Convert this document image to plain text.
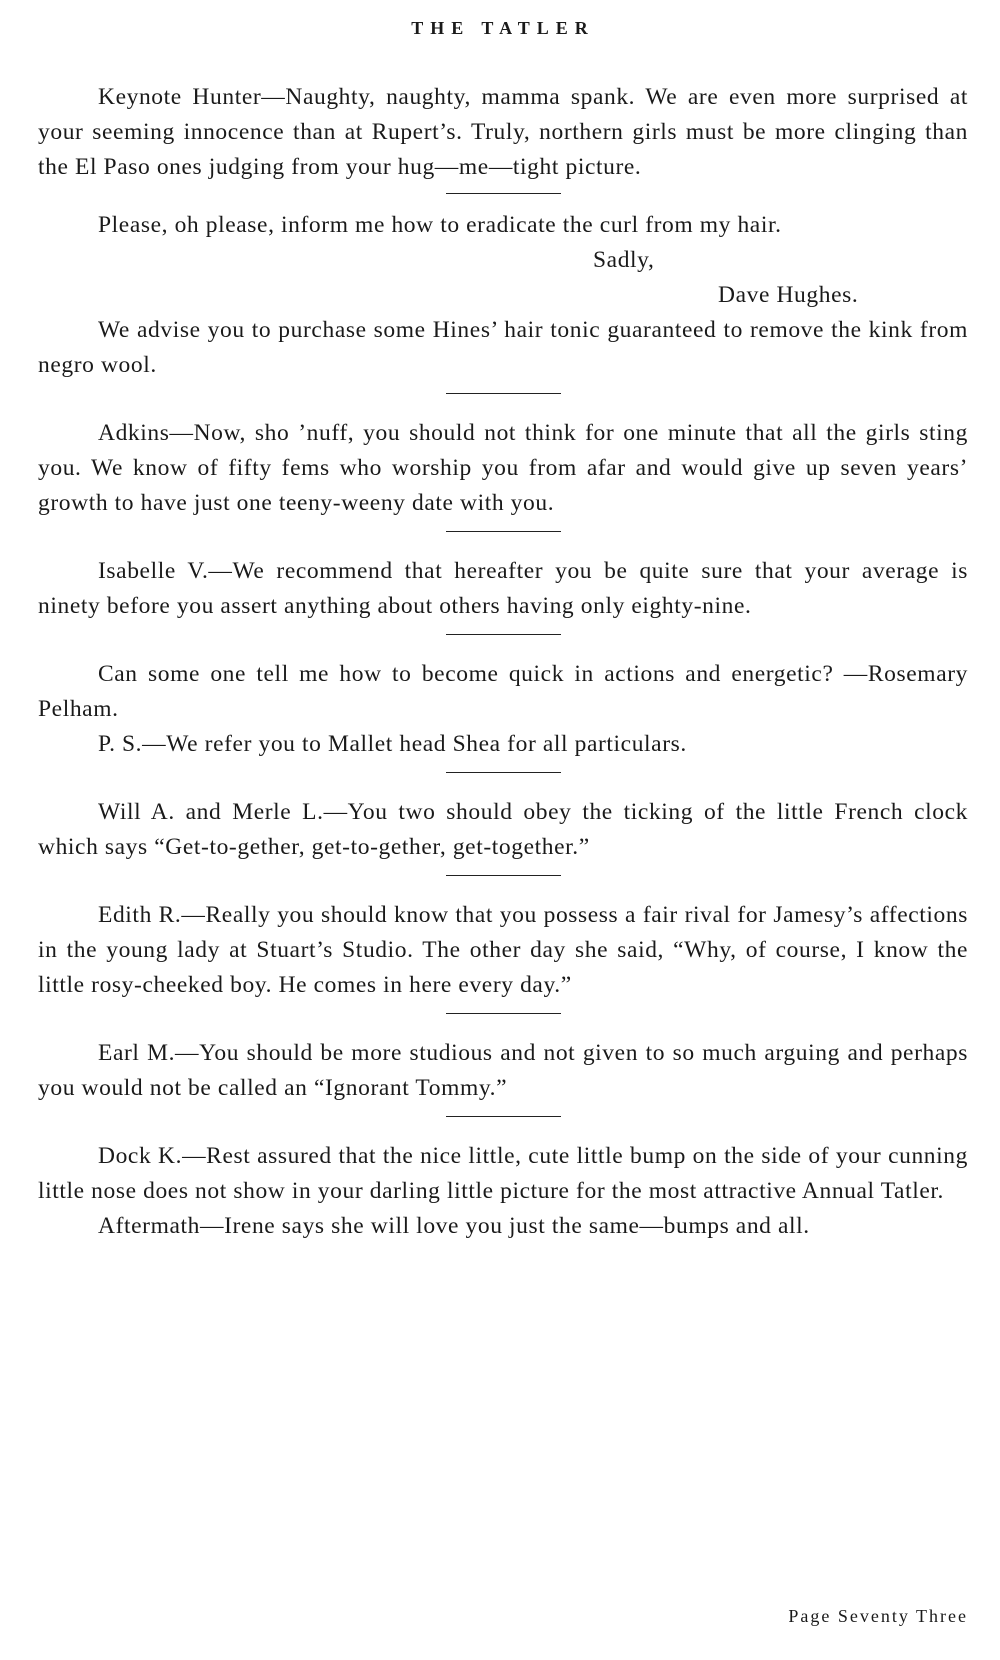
THE TATLER

Keynote Hunter—Naughty, naughty, mamma spank. We are even more surprised at your seeming innocence than at Rupert’s. Truly, northern girls must be more clinging than the El Paso ones judging from your hug—me—tight picture.

Please, oh please, inform me how to eradicate the curl from my hair.

Sadly,

Dave Hughes.

We advise you to purchase some Hines’ hair tonic guaranteed to remove the kink from negro wool.

Adkins—Now, sho ’nuff, you should not think for one minute that all the girls sting you. We know of fifty fems who worship you from afar and would give up seven years’ growth to have just one teeny-weeny date with you.

Isabelle V.—We recommend that hereafter you be quite sure that your average is ninety before you assert anything about others having only eighty-nine.

Can some one tell me how to become quick in actions and energetic? —Rosemary Pelham.

P. S.—We refer you to Mallet head Shea for all particulars.

Will A. and Merle L.—You two should obey the ticking of the little French clock which says “Get-to-gether, get-to-gether, get-together.”

Edith R.—Really you should know that you possess a fair rival for Jamesy’s affections in the young lady at Stuart’s Studio. The other day she said, “Why, of course, I know the little rosy-cheeked boy. He comes in here every day.”

Earl M.—You should be more studious and not given to so much arguing and perhaps you would not be called an “Ignorant Tommy.”

Dock K.—Rest assured that the nice little, cute little bump on the side of your cunning little nose does not show in your darling little picture for the most attractive Annual Tatler.

Aftermath—Irene says she will love you just the same—bumps and all.

Page Seventy Three
